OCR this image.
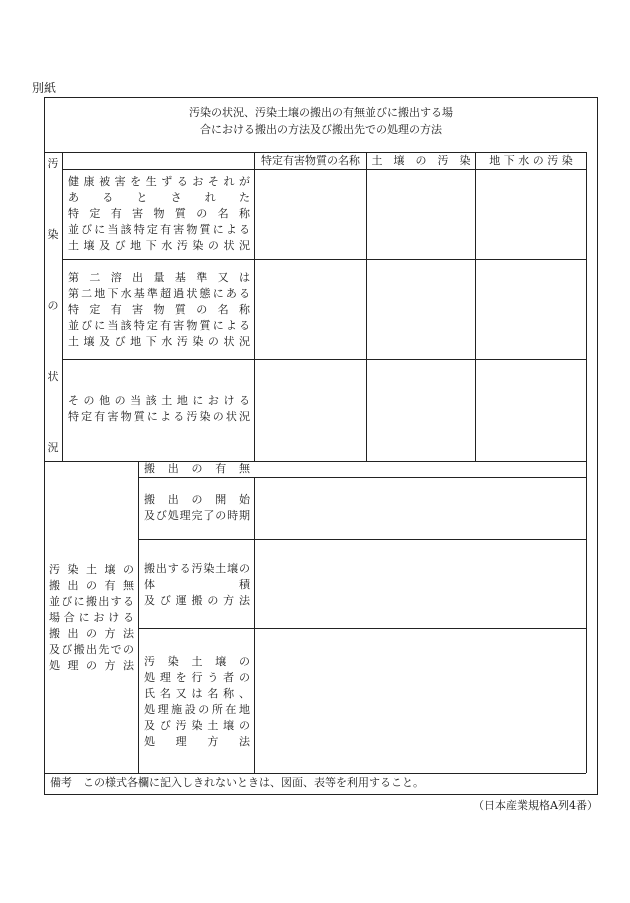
別紙
汚染の状況、汚染土壌の搬出の有無並びに搬出する場
合における搬出の方法及び搬出先での処理の方法
汚
染
の
状
況
特定有害物質の名称	土　壌　の　汚　染	地 下 水 の 汚 染
健康被害を生ずるおそれが
あ る と さ れ た
特定有害物質の名称
並びに当該特定有害物質による
土壌及び地下水汚染の状況
第二溶出量基準又は
第二地下水基準超過状態にある
特定有害物質の名称
並びに当該特定有害物質による
土壌及び地下水汚染の状況
その他の当該土地における
特定有害物質による汚染の状況
汚染土壌の
搬出の有無
並びに搬出する
場合における
搬出の方法
及び搬出先での
処理の方法
搬 出 の 有 無
搬 出 の 開 始
及び処理完了の時期
搬出する汚染土壌の
体　　　　　積
及び運搬の方法
汚 染 土 壌 の
処理を行う者の
氏名又は名称、
処理施設の所在地
及び汚染土壌の
処　理　方　法
備考　この様式各欄に記入しきれないときは、図面、表等を利用すること。
（日本産業規格A列4番）
